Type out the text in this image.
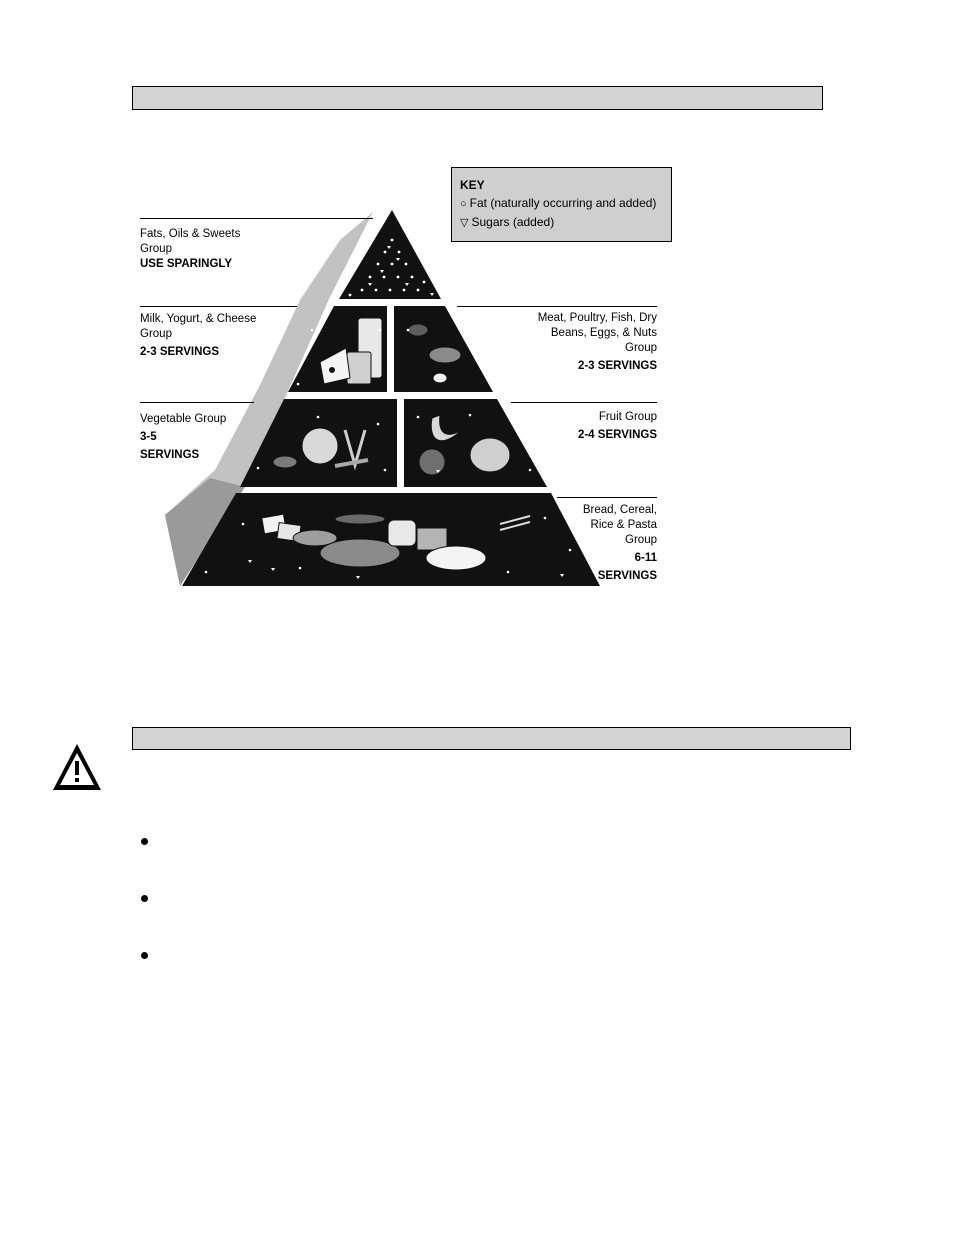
Fats, Oils & Sweets
Group
USE SPARINGLY
Milk, Yogurt, & Cheese
Group
2-3 SERVINGS
Vegetable Group
3-5
SERVINGS
Meat, Poultry, Fish, Dry
Beans, Eggs, & Nuts
Group
2-3 SERVINGS
Fruit Group
2-4 SERVINGS
Bread, Cereal,
Rice & Pasta
Group
6-11
SERVINGS
KEY
○ Fat (naturally occurring and added)
▽ Sugars (added)
